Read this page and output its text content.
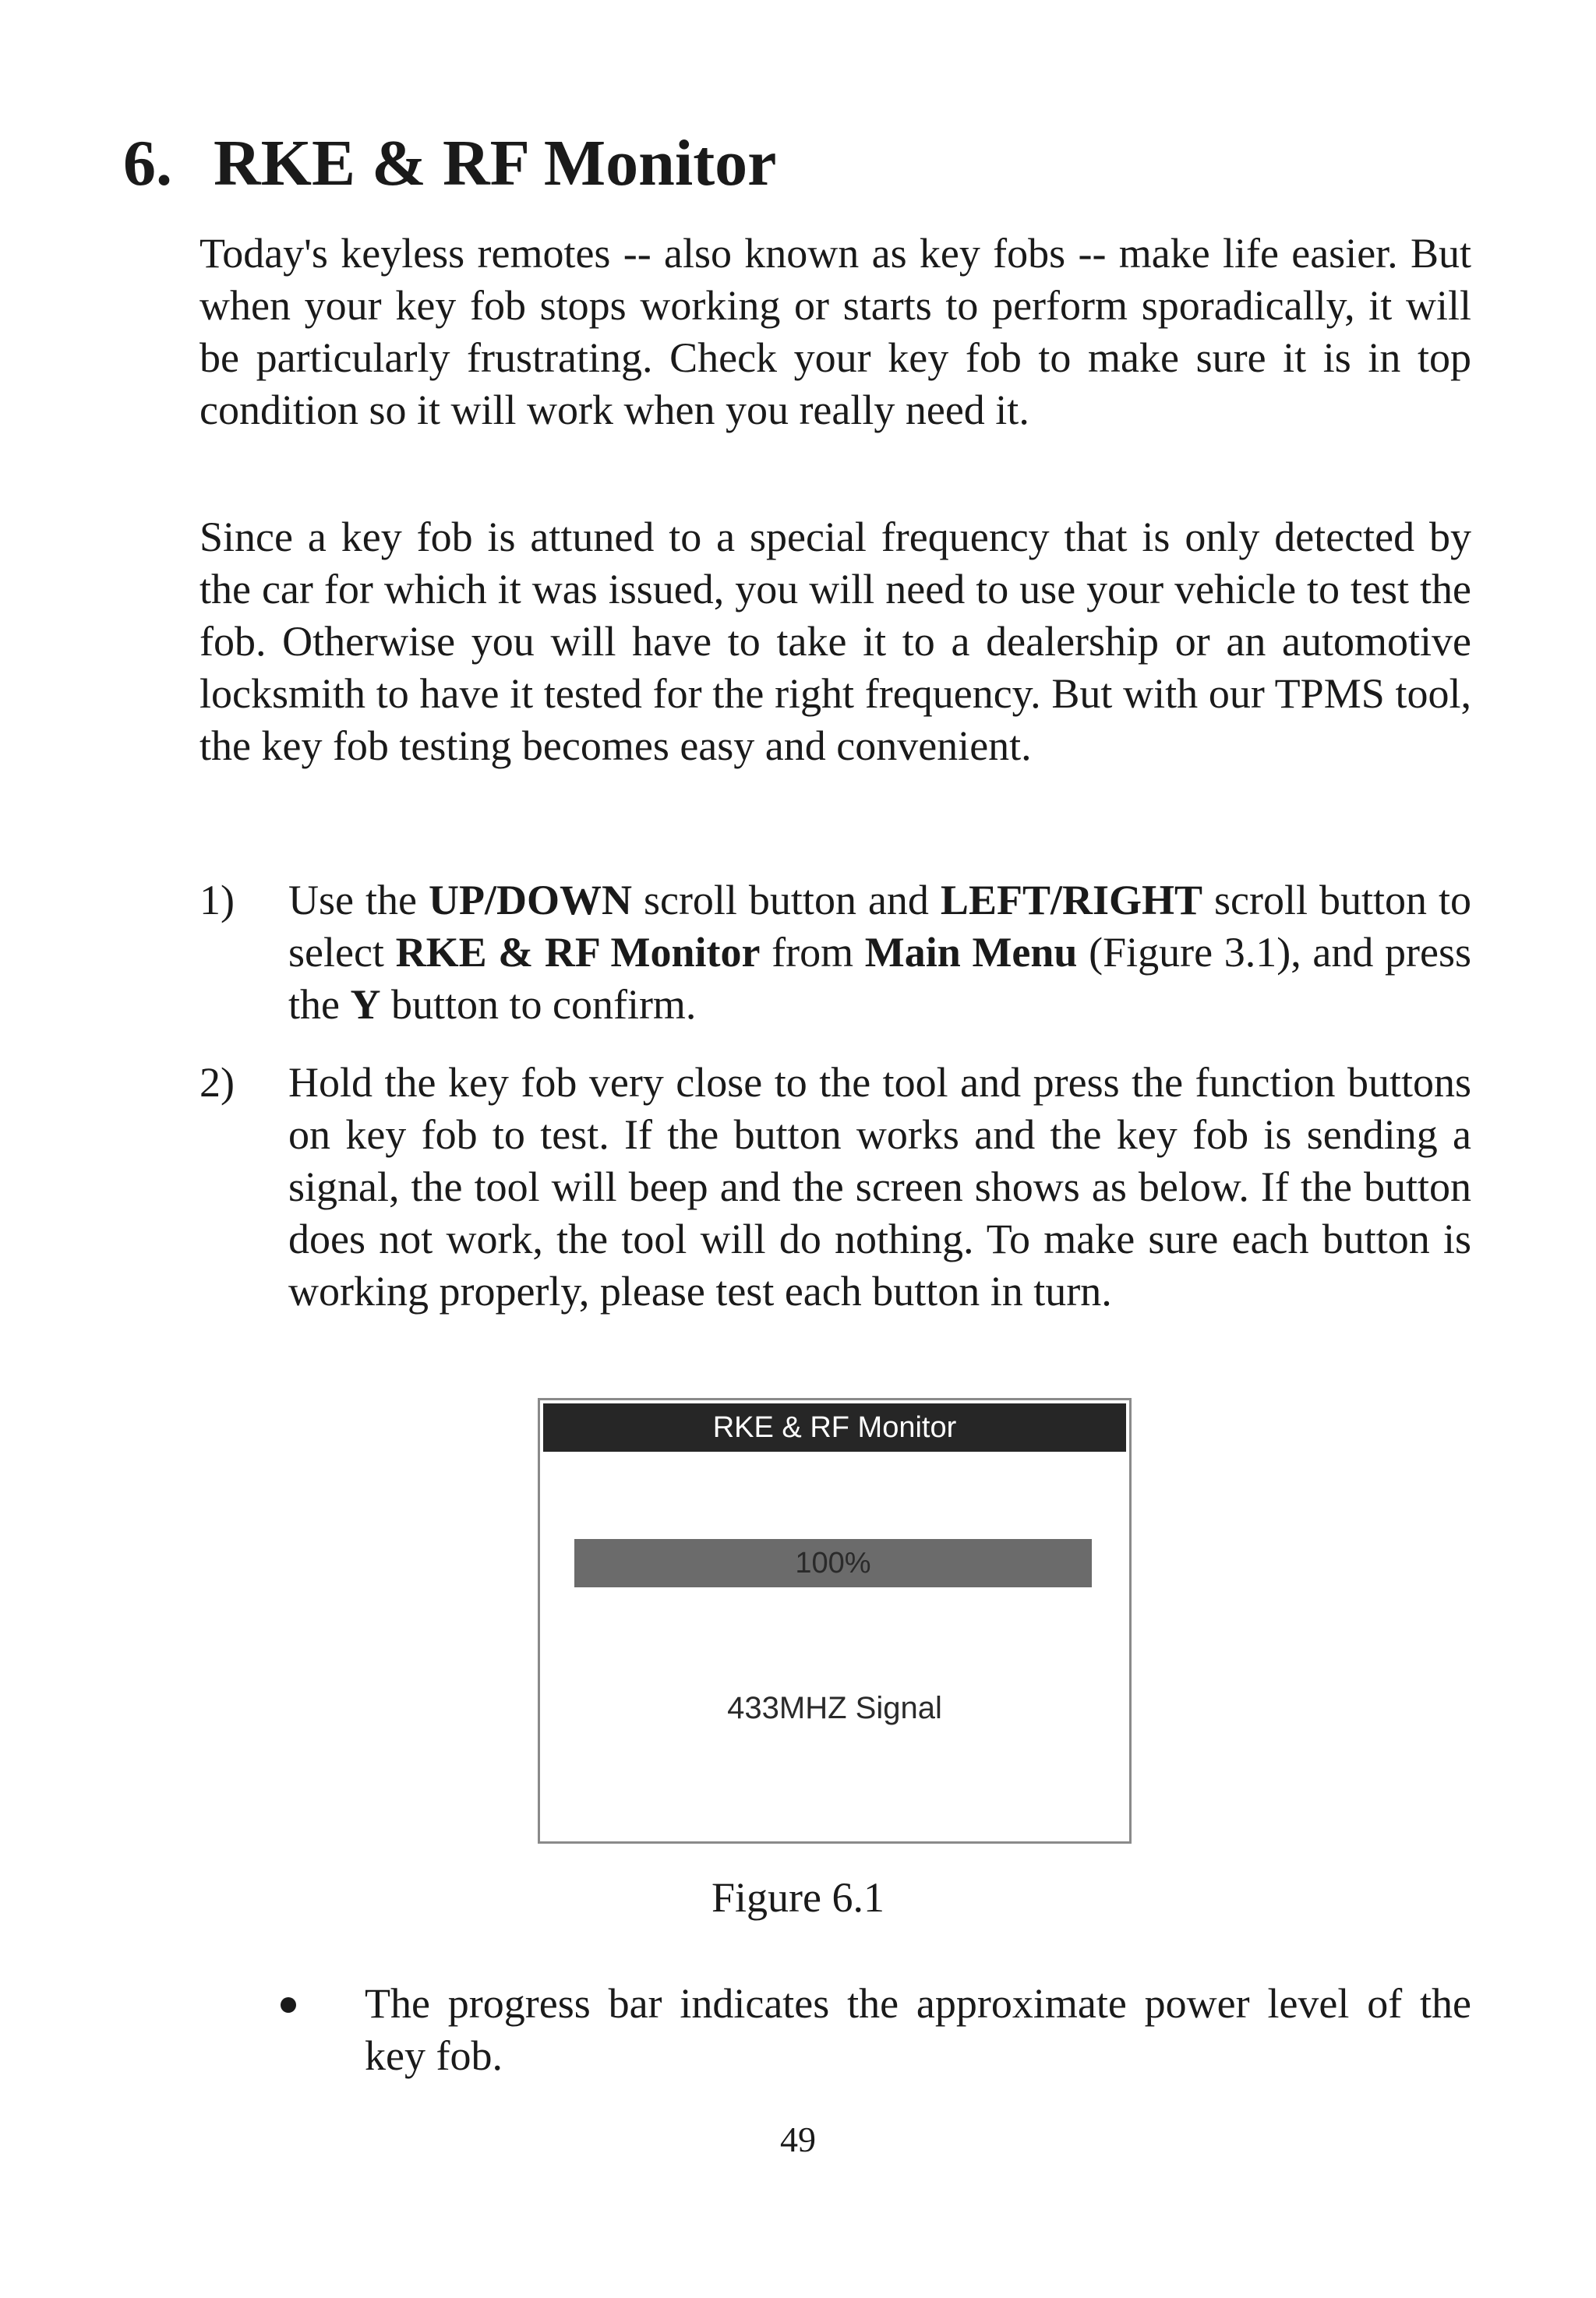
6. RKE & RF Monitor

Today's keyless remotes -- also known as key fobs -- make life easier. But when your key fob stops working or starts to perform sporadically, it will be particularly frustrating. Check your key fob to make sure it is in top condition so it will work when you really need it.

Since a key fob is attuned to a special frequency that is only detected by the car for which it was issued, you will need to use your vehicle to test the fob. Otherwise you will have to take it to a dealership or an automotive locksmith to have it tested for the right frequency. But with our TPMS tool, the key fob testing becomes easy and convenient.

1) Use the UP/DOWN scroll button and LEFT/RIGHT scroll button to select RKE & RF Monitor from Main Menu (Figure 3.1), and press the Y button to confirm.

2) Hold the key fob very close to the tool and press the function buttons on key fob to test. If the button works and the key fob is sending a signal, the tool will beep and the screen shows as below. If the button does not work, the tool will do nothing. To make sure each button is working properly, please test each button in turn.

RKE & RF Monitor
100%
433MHZ Signal
Figure 6.1

The progress bar indicates the approximate power level of the key fob.

49
